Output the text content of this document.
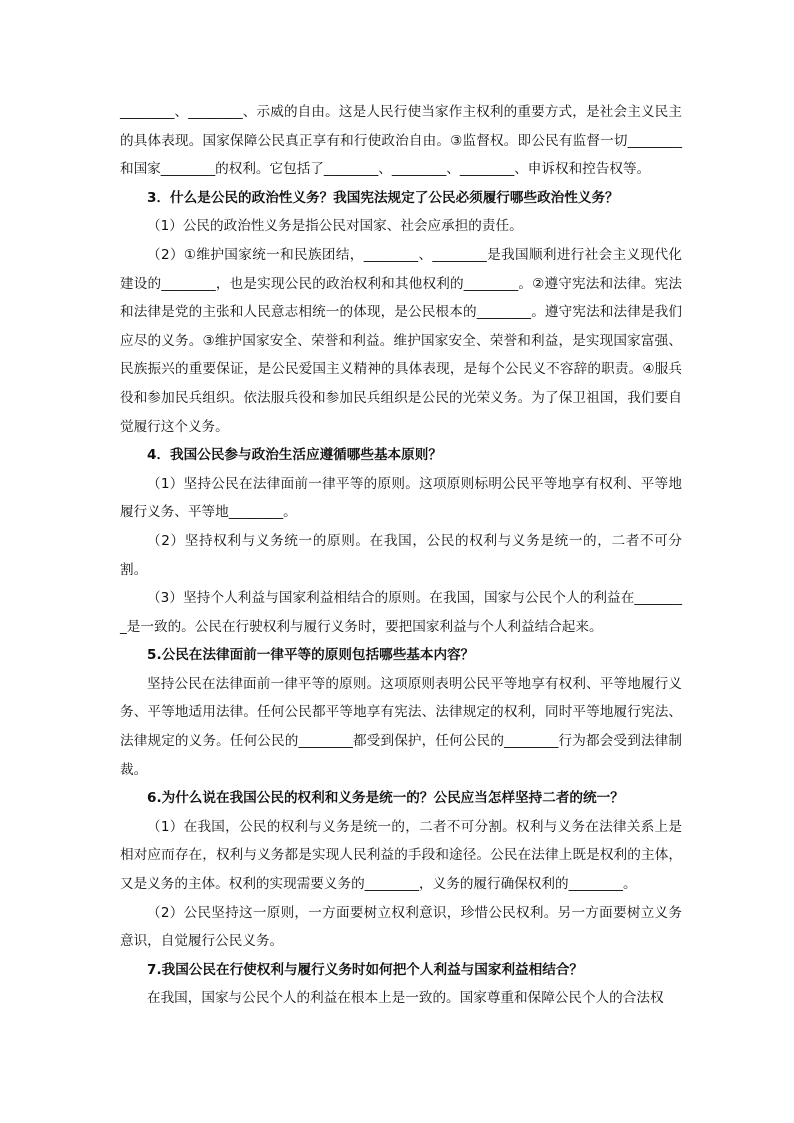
________、________、示威的自由。这是人民行使当家作主权利的重要方式，是社会主义民主的具体表现。国家保障公民真正享有和行使政治自由。③监督权。即公民有监督一切________和国家________的权利。它包括了________、________、________、申诉权和控告权等。

3．什么是公民的政治性义务？我国宪法规定了公民必须履行哪些政治性义务？

（1）公民的政治性义务是指公民对国家、社会应承担的责任。

（2）①维护国家统一和民族团结，________、________是我国顺利进行社会主义现代化建设的________，也是实现公民的政治权利和其他权利的________。②遵守宪法和法律。宪法和法律是党的主张和人民意志相统一的体现，是公民根本的________。遵守宪法和法律是我们应尽的义务。③维护国家安全、荣誉和利益。维护国家安全、荣誉和利益，是实现国家富强、民族振兴的重要保证，是公民爱国主义精神的具体表现，是每个公民义不容辞的职责。④服兵役和参加民兵组织。依法服兵役和参加民兵组织是公民的光荣义务。为了保卫祖国，我们要自觉履行这个义务。

4．我国公民参与政治生活应遵循哪些基本原则？

（1）坚持公民在法律面前一律平等的原则。这项原则标明公民平等地享有权利、平等地履行义务、平等地________。

（2）坚持权利与义务统一的原则。在我国，公民的权利与义务是统一的，二者不可分割。

（3）坚持个人利益与国家利益相结合的原则。在我国，国家与公民个人的利益在________是一致的。公民在行驶权利与履行义务时，要把国家利益与个人利益结合起来。

5.公民在法律面前一律平等的原则包括哪些基本内容？

坚持公民在法律面前一律平等的原则。这项原则表明公民平等地享有权利、平等地履行义务、平等地适用法律。任何公民都平等地享有宪法、法律规定的权利，同时平等地履行宪法、法律规定的义务。任何公民的________都受到保护，任何公民的________行为都会受到法律制裁。

6.为什么说在我国公民的权利和义务是统一的？公民应当怎样坚持二者的统一？

（1）在我国，公民的权利与义务是统一的，二者不可分割。权利与义务在法律关系上是相对应而存在，权利与义务都是实现人民利益的手段和途径。公民在法律上既是权利的主体，又是义务的主体。权利的实现需要义务的________，义务的履行确保权利的________。

（2）公民坚持这一原则，一方面要树立权利意识，珍惜公民权利。另一方面要树立义务意识，自觉履行公民义务。

7.我国公民在行使权利与履行义务时如何把个人利益与国家利益相结合？

在我国，国家与公民个人的利益在根本上是一致的。国家尊重和保障公民个人的合法权
